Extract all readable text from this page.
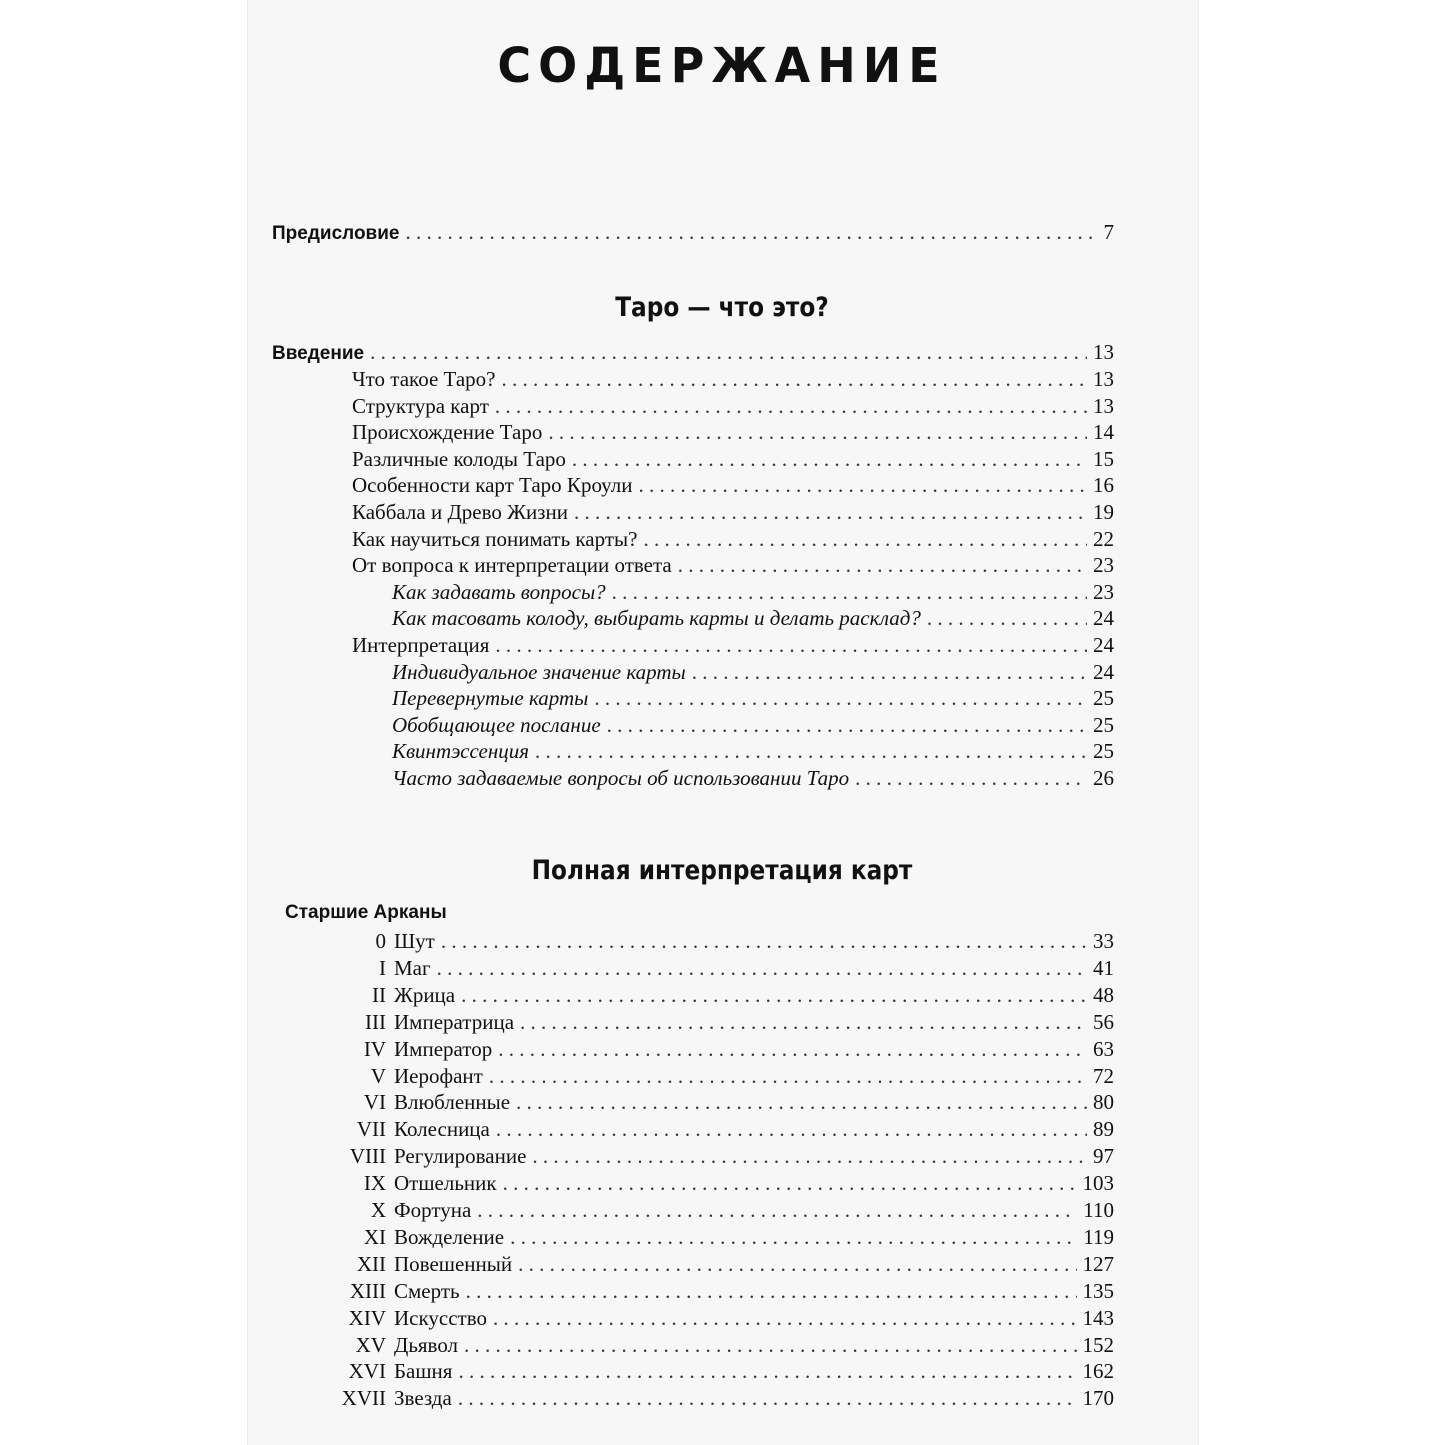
СОДЕРЖАНИЕ
Предисловие . . .	7
Таро — что это?
Введение . . .	13
Что такое Таро? . . .	13
Структура карт . . .	13
Происхождение Таро . . .	14
Различные колоды Таро . . .	15
Особенности карт Таро Кроули . . .	16
Каббала и Древо Жизни . . .	19
Как научиться понимать карты? . . .	22
От вопроса к интерпретации ответа . . .	23
Как задавать вопросы? . . .	23
Как тасовать колоду, выбирать карты и делать расклад? . . .	24
Интерпретация . . .	24
Индивидуальное значение карты . . .	24
Перевернутые карты . . .	25
Обобщающее послание . . .	25
Квинтэссенция . . .	25
Часто задаваемые вопросы об использовании Таро . . .	26
Полная интерпретация карт
Старшие Арканы
0 Шут . . .	33
I Маг . . .	41
II Жрица . . .	48
III Императрица . . .	56
IV Император . . .	63
V Иерофант . . .	72
VI Влюбленные . . .	80
VII Колесница . . .	89
VIII Регулирование . . .	97
IX Отшельник . . .	103
X Фортуна . . .	110
XI Вожделение . . .	119
XII Повешенный . . .	127
XIII Смерть . . .	135
XIV Искусство . . .	143
XV Дьявол . . .	152
XVI Башня . . .	162
XVII Звезда . . .	170
